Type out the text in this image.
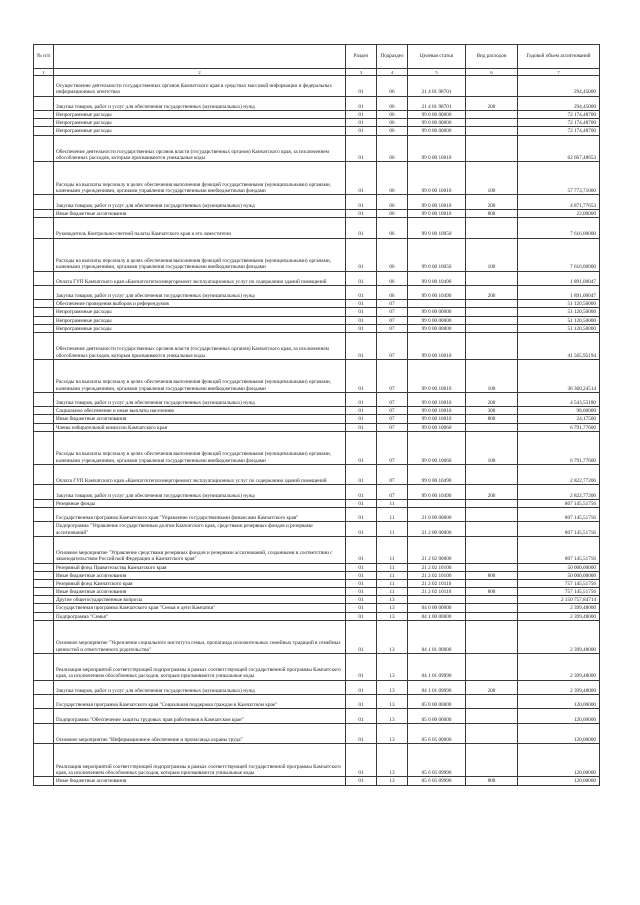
№ п/п		Раздел	Подраздел	Целевая статья	Вид расходов	Годовой объем ассигнований
1	2	3	4	5	6	7
	Осуществление деятельности государственных органов Камчатского края в средствах массовой информации и федеральных информационных агентствах	01	06	21 4 01 98701		294,45000
	Закупка товаров, работ и услуг для обеспечения государственных (муниципальных) нужд	01	06	21 4 01 98701	200	294,45000
	Непрограммные расходы	01	06	99 0 00 00000		72 174,48700
	Непрограммные расходы	01	06	99 0 00 00000		72 174,48700
	Непрограммные расходы	01	06	99 0 00 00000		72 174,48700
	Обеспечение деятельности государственных органов власти (государственных органов) Камчатского края, за исключением обособленных расходов, которым присваиваются уникальные коды	01	06	99 0 00 10010		62 667,48653
	Расходы на выплаты персоналу в целях обеспечения выполнения функций государственными (муниципальными) органами, казенными учреждениями, органами управления государственными внебюджетными фондами	01	06	99 0 00 10010	100	57 773,71000
	Закупка товаров, работ и услуг для обеспечения государственных (муниципальных) нужд	01	06	99 0 00 10010	200	4 871,77653
	Иные бюджетные ассигнования	01	06	99 0 00 10010	800	22,00000
	Руководитель Контрольно-счетной палаты Камчатского края и его заместители	01	06	99 0 00 10050		7 616,00000
	Расходы на выплаты персоналу в целях обеспечения выполнения функций государственными (муниципальными) органами, казенными учреждениями, органами управления государственными внебюджетными фондами	01	06	99 0 00 10050	100	7 616,00000
	Оплата ГУП Камчатского края «Камчатсктеплоэнергоремонт эксплуатационных услуг по содержанию зданий помещений	01	06	99 0 00 10490		1 891,00047
	Закупка товаров, работ и услуг для обеспечения государственных (муниципальных) нужд	01	06	99 0 00 10490	200	1 891,00047
	Обеспечение проведения выборов и референдумов	01	07			51 120,50000
	Непрограммные расходы	01	07	99 0 00 00000		51 120,50000
	Непрограммные расходы	01	07	99 0 00 00000		51 120,50000
	Непрограммные расходы	01	07	99 0 00 00000		51 120,50000
	Обеспечение деятельности государственных органов власти (государственных органов) Камчатского края, за исключением обособленных расходов, которым присваиваются уникальные коды	01	07	99 0 00 10010		41 565,95194
	Расходы на выплаты персоналу в целях обеспечения выполнения функций государственными (муниципальными) органами, казенными учреждениями, органами управления государственными внебюджетными фондами	01	07	99 0 00 10010	100	36 360,24514
	Закупка товаров, работ и услуг для обеспечения государственных (муниципальных) нужд	01	07	99 0 00 10010	200	4 543,53180
	Социальное обеспечение и иные выплаты населению	01	07	99 0 00 10010	300	98,00000
	Иные бюджетные ассигнования	01	07	99 0 00 10010	800	24,17500
	Члены избирательной комиссии Камчатского края	01	07	99 0 00 10060		6 791,77600
	Расходы на выплаты персоналу в целях обеспечения выполнения функций государственными (муниципальными) органами, казенными учреждениями, органами управления государственными внебюджетными фондами	01	07	99 0 00 10060	100	6 791,77600
	Оплата ГУП Камчатского края «Камчатсктеплоэнергоремонт эксплуатационных услуг по содержанию зданий помещений	01	07	99 0 00 10490		2 822,77206
	Закупка товаров, работ и услуг для обеспечения государственных (муниципальных) нужд	01	07	99 0 00 10490	200	2 822,77206
	Резервные фонды	01	11			807 145,51756
	Государственная программа Камчатского края "Управление государственными финансами Камчатского края"	01	11	21 0 00 00000		807 145,51756
	Подпрограмма "Управление государственным долгом Камчатского края, средствами резервных фондов и резервами ассигнований"	01	11	21 2 00 00000		807 145,51756
	Основное мероприятие "Управление средствами резервных фондов и резервами ассигнований, созданными в соответствии с законодательством Российской Федерации и Камчатского края"	01	11	21 2 02 00000		807 145,51756
	Резервный фонд Правительства Камчатского края	01	11	21 2 02 10100		50 000,00000
	Иные бюджетные ассигнования	01	11	21 2 02 10100	800	50 000,00000
	Резервный фонд Камчатского края	01	11	21 2 02 10110		757 145,51756
	Иные бюджетные ассигнования	01	11	21 2 02 10110	800	757 145,51756
	Другие общегосударственные вопросы	01	13			2 150 757,84714
	Государственная программа Камчатского края "Семья и дети Камчатки"	01	13	04 0 00 00000		2 399,48000
	Подпрограмма "Семья"	01	13	04 1 00 00000		2 399,48000
	Основное мероприятие "Укрепление социального института семьи, пропаганда положительных семейных традиций в семейных ценностей и ответственного родительства"	01	13	04 1 01 00000		2 399,48000
	Реализация мероприятий соответствующей подпрограммы в рамках соответствующей государственной программы Камчатского края, за исключением обособленных расходов, которым присваиваются уникальные коды	01	13	04 1 01 09990		2 399,48000
	Закупка товаров, работ и услуг для обеспечения государственных (муниципальных) нужд	01	13	04 1 01 09990	200	2 399,48000
	Государственная программа Камчатского края "Социальная поддержка граждан в Камчатском крае"	01	13	05 0 00 00000		120,00000
	Подпрограмма "Обеспечение защиты трудовых прав работников в Камчатском крае"	01	13	05 6 00 00000		120,00000
	Основное мероприятие "Информационное обеспечение и пропаганда охраны труда"	01	13	05 6 05 00000		120,00000
	Реализация мероприятий соответствующей подпрограммы в рамках соответствующей государственной программы Камчатского края, за исключением обособленных расходов, которым присваиваются уникальные коды	01	13	05 6 05 09990		120,00000
	Иные бюджетные ассигнования	01	13	05 6 05 09990	800	120,00000
